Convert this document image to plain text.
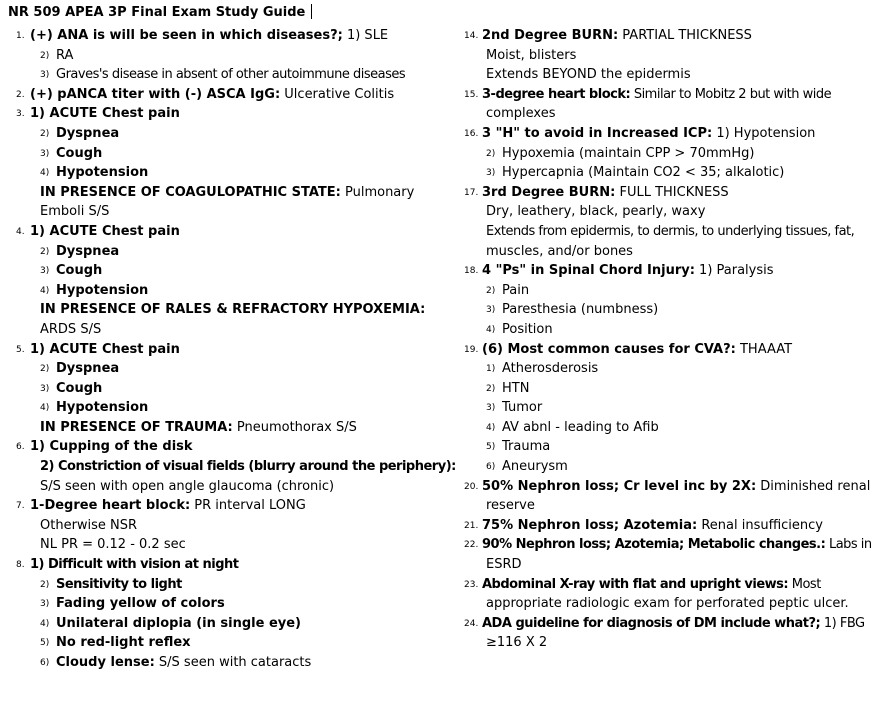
NR 509 APEA 3P Final Exam Study Guide
1. (+) ANA is will be seen in which diseases?; 1) SLE
2) RA
3) Graves's disease in absent of other autoimmune diseases
2. (+) pANCA titer with (-) ASCA IgG: Ulcerative Colitis
3. 1) ACUTE Chest pain
2) Dyspnea
3) Cough
4) Hypotension
IN PRESENCE OF COAGULOPATHIC STATE: Pulmonary
Emboli S/S
4. 1) ACUTE Chest pain
2) Dyspnea
3) Cough
4) Hypotension
IN PRESENCE OF RALES & REFRACTORY HYPOXEMIA:
ARDS S/S
5. 1) ACUTE Chest pain
2) Dyspnea
3) Cough
4) Hypotension
IN PRESENCE OF TRAUMA: Pneumothorax S/S
6. 1) Cupping of the disk
2) Constriction of visual fields (blurry around the periphery):
S/S seen with open angle glaucoma (chronic)
7. 1-Degree heart block: PR interval LONG
Otherwise NSR
NL PR = 0.12 - 0.2 sec
8. 1) Difficult with vision at night
2) Sensitivity to light
3) Fading yellow of colors
4) Unilateral diplopia (in single eye)
5) No red-light reflex
6) Cloudy lense: S/S seen with cataracts
14. 2nd Degree BURN: PARTIAL THICKNESS
Moist, blisters
Extends BEYOND the epidermis
15. 3-degree heart block: Similar to Mobitz 2 but with wide
complexes
16. 3 "H" to avoid in Increased ICP: 1) Hypotension
2) Hypoxemia (maintain CPP > 70mmHg)
3) Hypercapnia (Maintain CO2 < 35; alkalotic)
17. 3rd Degree BURN: FULL THICKNESS
Dry, leathery, black, pearly, waxy
Extends from epidermis, to dermis, to underlying tissues, fat,
muscles, and/or bones
18. 4 "Ps" in Spinal Chord Injury: 1) Paralysis
2) Pain
3) Paresthesia (numbness)
4) Position
19. (6) Most common causes for CVA?: THAAAT
1) Atherosderosis
2) HTN
3) Tumor
4) AV abnl - leading to Afib
5) Trauma
6) Aneurysm
20. 50% Nephron loss; Cr level inc by 2X: Diminished renal
reserve
21. 75% Nephron loss; Azotemia: Renal insufficiency
22. 90% Nephron loss; Azotemia; Metabolic changes.: Labs in
ESRD
23. Abdominal X-ray with flat and upright views: Most
appropriate radiologic exam for perforated peptic ulcer.
24. ADA guideline for diagnosis of DM include what?; 1) FBG
≥116 X 2
